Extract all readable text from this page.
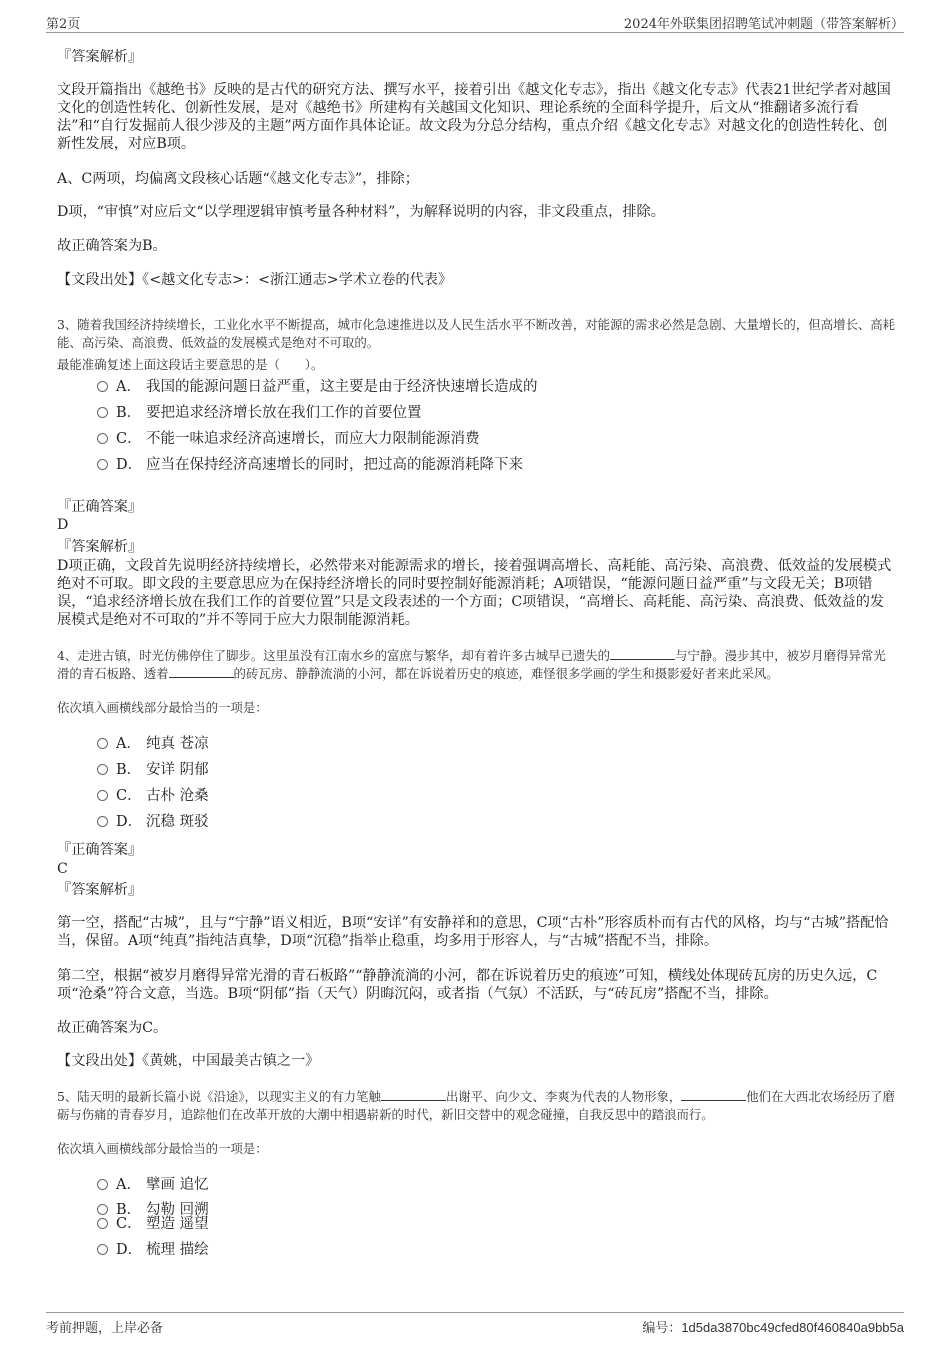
第2页	2024年外联集团招聘笔试冲刺题（带答案解析）

『答案解析』

文段开篇指出《越绝书》反映的是古代的研究方法、撰写水平，接着引出《越文化专志》，指出《越文化专志》代表21世纪学者对越国文化的创造性转化、创新性发展，是对《越绝书》所建构有关越国文化知识、理论系统的全面科学提升，后文从“推翻诸多流行看法”和“自行发掘前人很少涉及的主题”两方面作具体论证。故文段为分总分结构，重点介绍《越文化专志》对越文化的创造性转化、创新性发展，对应B项。

A、C两项，均偏离文段核心话题“《越文化专志》”，排除；

D项，“审慎”对应后文“以学理逻辑审慎考量各种材料”，为解释说明的内容，非文段重点，排除。

故正确答案为B。

【文段出处】《<越文化专志>：<浙江通志>学术立卷的代表》

3、随着我国经济持续增长，工业化水平不断提高，城市化急速推进以及人民生活水平不断改善，对能源的需求必然是急剧、大量增长的，但高增长、高耗能、高污染、高浪费、低效益的发展模式是绝对不可取的。

最能准确复述上面这段话主要意思的是（　　）。

A． 我国的能源问题日益严重，这主要是由于经济快速增长造成的
B． 要把追求经济增长放在我们工作的首要位置
C． 不能一味追求经济高速增长，而应大力限制能源消费
D． 应当在保持经济高速增长的同时，把过高的能源消耗降下来

『正确答案』

D

『答案解析』

D项正确，文段首先说明经济持续增长，必然带来对能源需求的增长，接着强调高增长、高耗能、高污染、高浪费、低效益的发展模式绝对不可取。即文段的主要意思应为在保持经济增长的同时要控制好能源消耗；A项错误，“能源问题日益严重”与文段无关；B项错误，“追求经济增长放在我们工作的首要位置”只是文段表述的一个方面；C项错误，“高增长、高耗能、高污染、高浪费、低效益的发展模式是绝对不可取的”并不等同于应大力限制能源消耗。

4、走进古镇，时光仿佛停住了脚步。这里虽没有江南水乡的富庶与繁华，却有着许多古城早已遗失的	与宁静。漫步其中，被岁月磨得异常光滑的青石板路、透着	的砖瓦房、静静流淌的小河，都在诉说着历史的痕迹，难怪很多学画的学生和摄影爱好者来此采风。

依次填入画横线部分最恰当的一项是：

A． 纯真 苍凉
B． 安详 阴郁
C． 古朴 沧桑
D． 沉稳 斑驳

『正确答案』

C

『答案解析』

第一空，搭配“古城”，且与“宁静”语义相近，B项“安详”有安静祥和的意思，C项“古朴”形容质朴而有古代的风格，均与“古城”搭配恰当，保留。A项“纯真”指纯洁真挚，D项“沉稳”指举止稳重，均多用于形容人，与“古城”搭配不当，排除。

第二空，根据“被岁月磨得异常光滑的青石板路”“静静流淌的小河，都在诉说着历史的痕迹”可知，横线处体现砖瓦房的历史久远，C项“沧桑”符合文意，当选。B项“阴郁”指（天气）阴晦沉闷，或者指（气氛）不活跃，与“砖瓦房”搭配不当，排除。

故正确答案为C。

【文段出处】《黄姚，中国最美古镇之一》

5、陆天明的最新长篇小说《沿途》，以现实主义的有力笔触	出谢平、向少文、李爽为代表的人物形象，	他们在大西北农场经历了磨砺与伤痛的青春岁月，追踪他们在改革开放的大潮中相遇崭新的时代，新旧交替中的观念碰撞，自我反思中的踏浪而行。

依次填入画横线部分最恰当的一项是：

A． 擘画 追忆
B． 勾勒 回溯
C． 塑造 遥望
D． 梳理 描绘
考前押题，上岸必备	编号：1d5da3870bc49cfed80f460840a9bb5a
